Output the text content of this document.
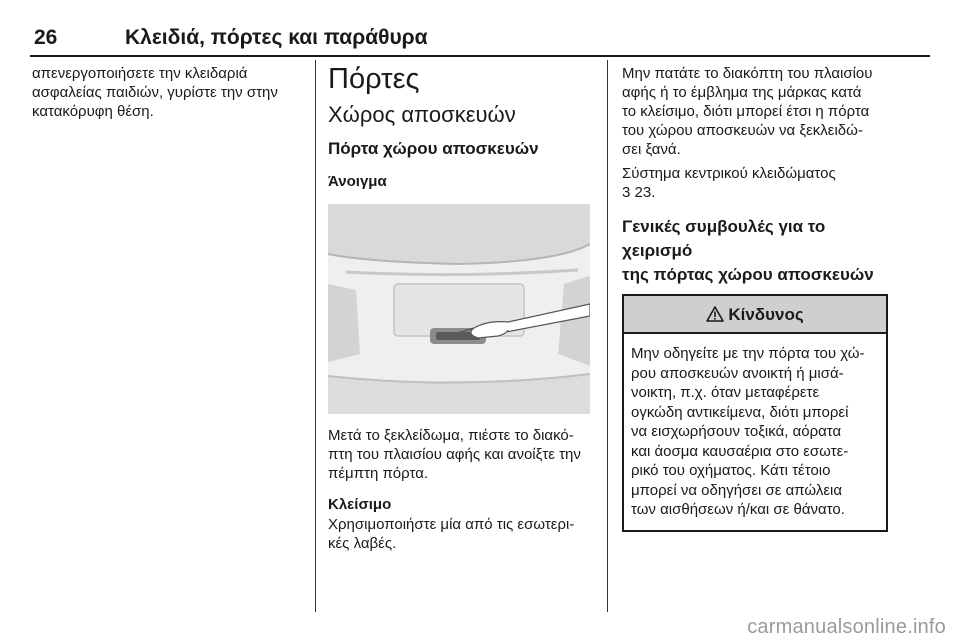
26	Κλειδιά, πόρτες και παράθυρα

απενεργοποιήσετε την κλειδαριά

ασφαλείας παιδιών, γυρίστε την στην

κατακόρυφη θέση.

Πόρτες
Χώρος αποσκευών
Πόρτα χώρου αποσκευών
Άνοιγμα

Μετά το ξεκλείδωμα, πιέστε το διακό-

πτη του πλαισίου αφής και ανοίξτε την

πέμπτη πόρτα.

Κλείσιμο

Χρησιμοποιήστε μία από τις εσωτερι-

κές λαβές.

Μην πατάτε το διακόπτη του πλαισίου

αφής ή το έμβλημα της μάρκας κατά

το κλείσιμο, διότι μπορεί έτσι η πόρτα

του χώρου αποσκευών να ξεκλειδώ-

σει ξανά.

Σύστημα κεντρικού κλειδώματος

3 23.

Γενικές συμβουλές για το χειρισμό

της πόρτας χώρου αποσκευών

Κίνδυνος

Μην οδηγείτε με την πόρτα του χώ-

ρου αποσκευών ανοικτή ή μισά-

νοικτη, π.χ. όταν μεταφέρετε

ογκώδη αντικείμενα, διότι μπορεί

να εισχωρήσουν τοξικά, αόρατα

και άοσμα καυσαέρια στο εσωτε-

ρικό του οχήματος. Κάτι τέτοιο

μπορεί να οδηγήσει σε απώλεια

των αισθήσεων ή/και σε θάνατο.

carmanualsonline.info
